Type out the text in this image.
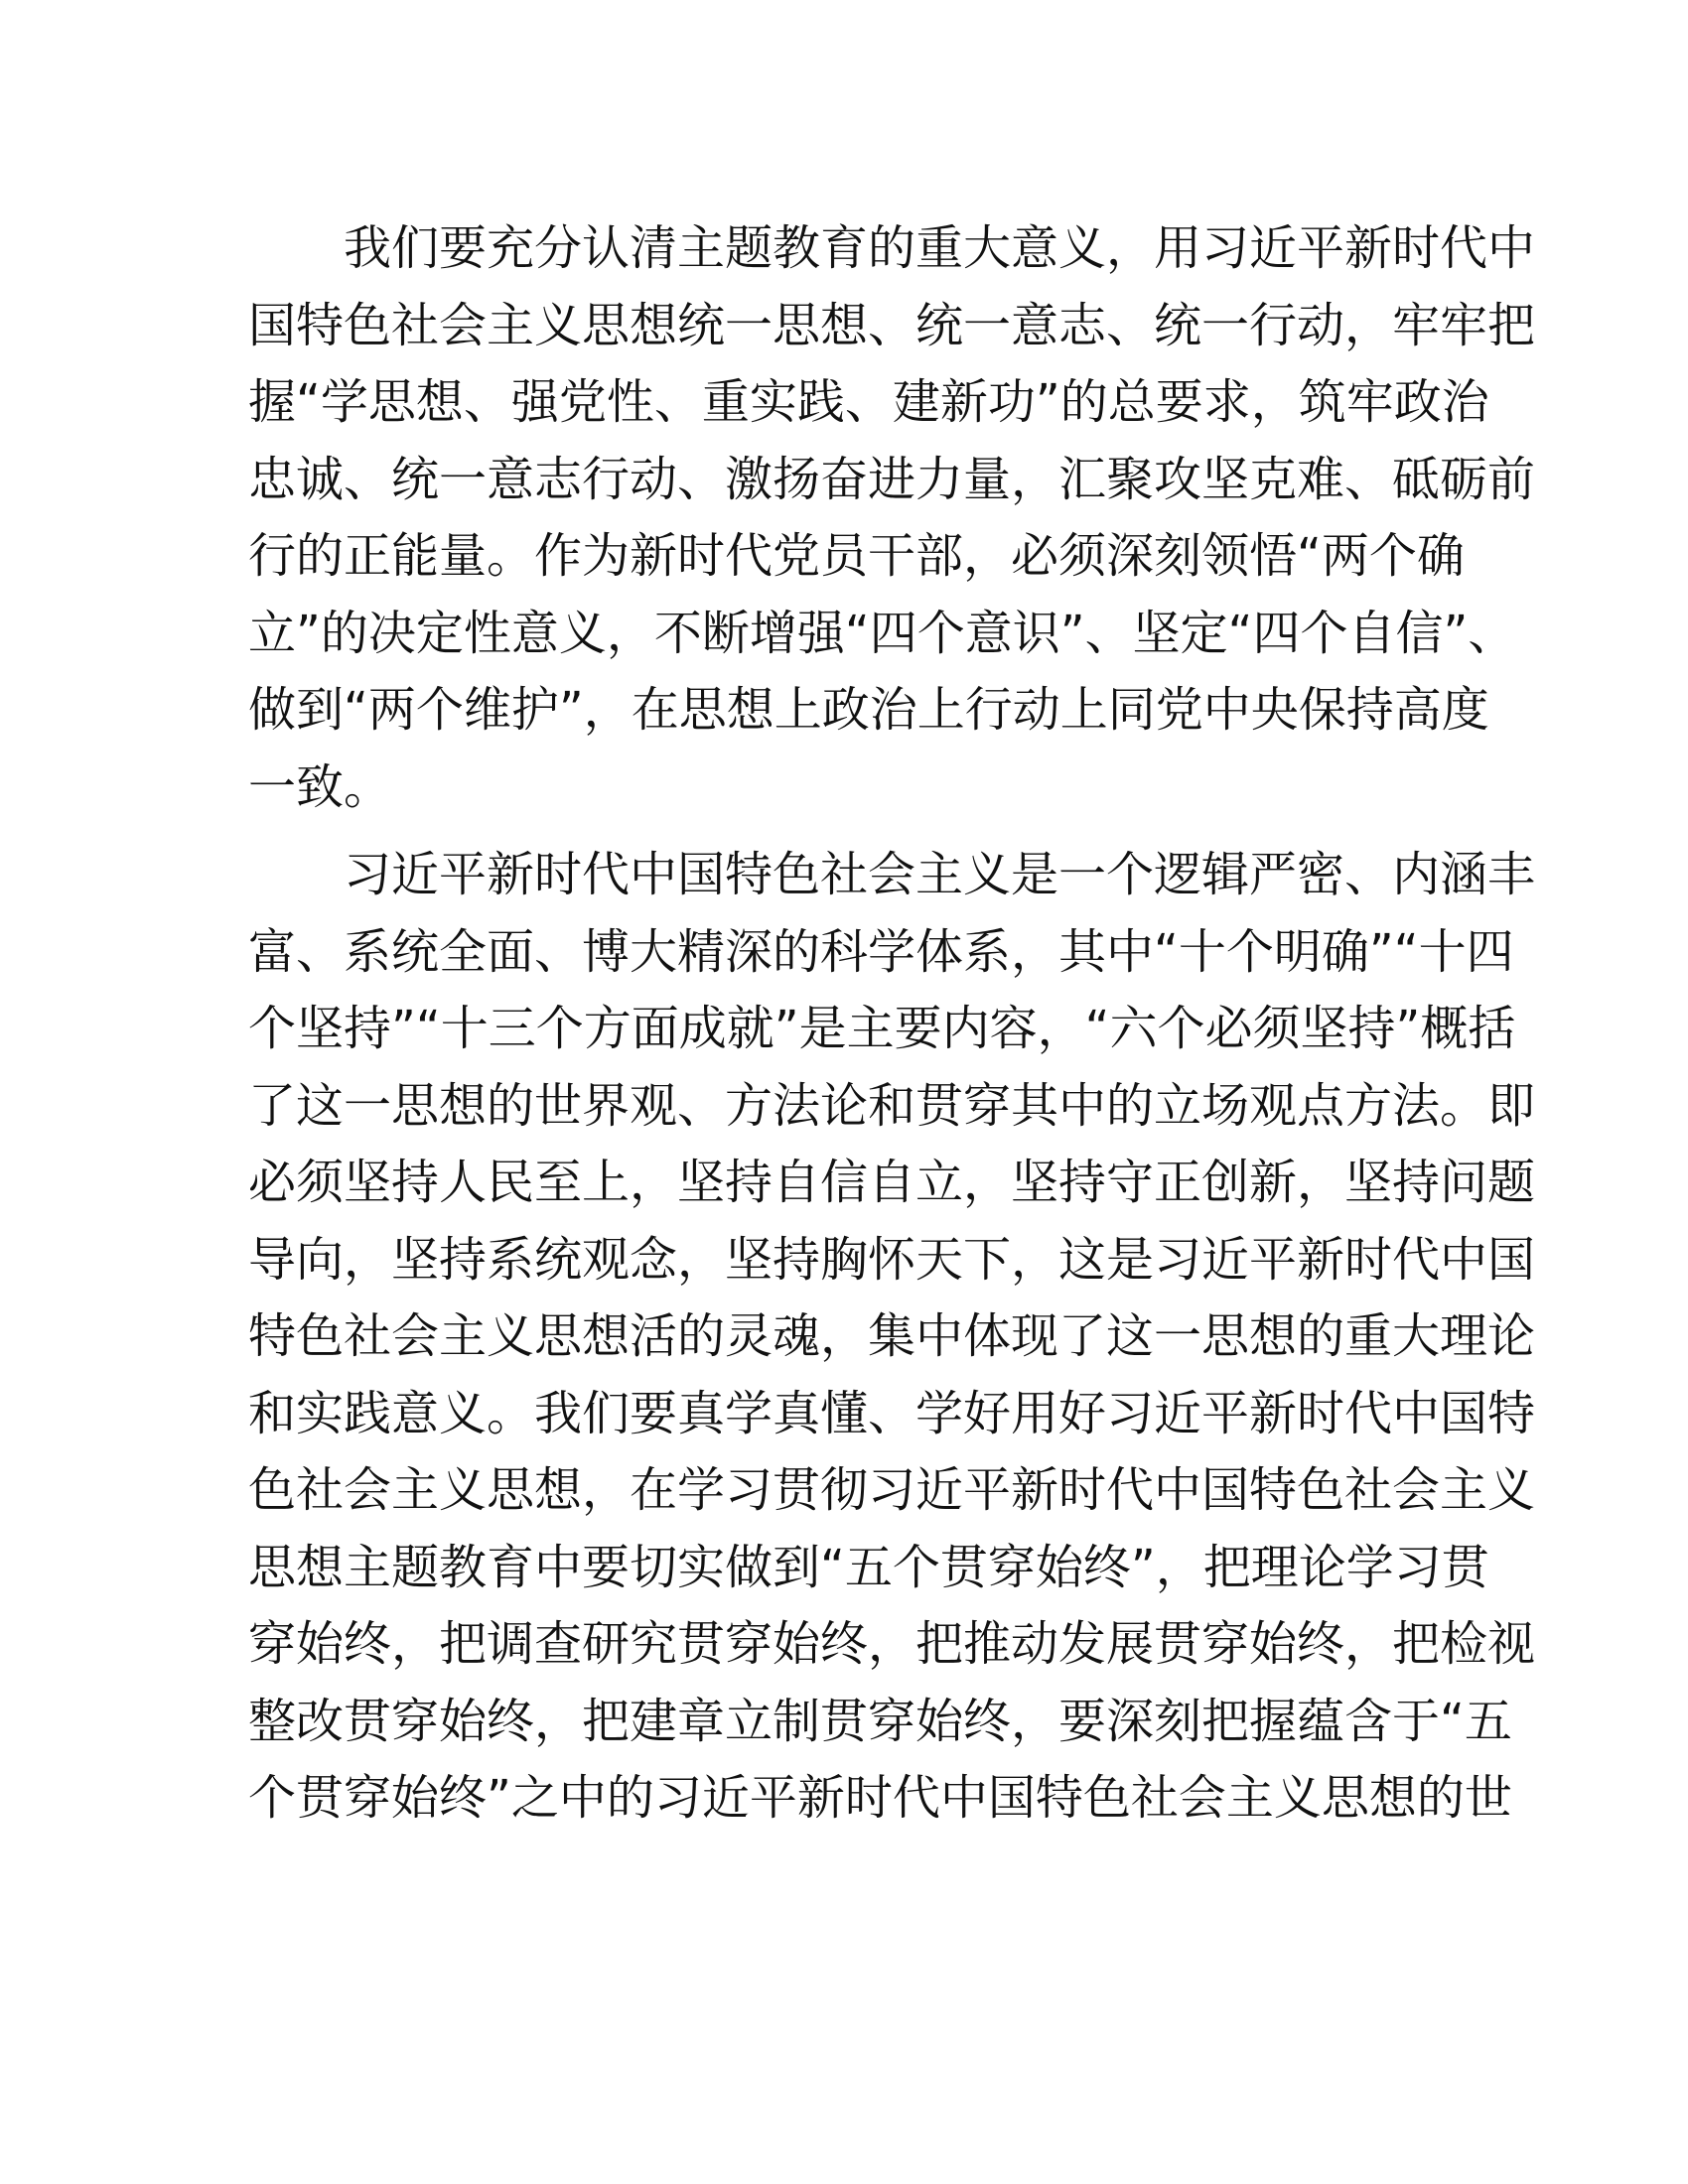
我们要充分认清主题教育的重大意义，用习近平新时代中
国特色社会主义思想统一思想、统一意志、统一行动，牢牢把
握“学思想、强党性、重实践、建新功”的总要求，筑牢政治
忠诚、统一意志行动、激扬奋进力量，汇聚攻坚克难、砥砺前
行的正能量。作为新时代党员干部，必须深刻领悟“两个确
立”的决定性意义，不断增强“四个意识”、坚定“四个自信”、
做到“两个维护”，在思想上政治上行动上同党中央保持高度
一致。

习近平新时代中国特色社会主义是一个逻辑严密、内涵丰
富、系统全面、博大精深的科学体系，其中“十个明确”“十四
个坚持”“十三个方面成就”是主要内容，“六个必须坚持”概括
了这一思想的世界观、方法论和贯穿其中的立场观点方法。即
必须坚持人民至上，坚持自信自立，坚持守正创新，坚持问题
导向，坚持系统观念，坚持胸怀天下，这是习近平新时代中国
特色社会主义思想活的灵魂，集中体现了这一思想的重大理论
和实践意义。我们要真学真懂、学好用好习近平新时代中国特
色社会主义思想，在学习贯彻习近平新时代中国特色社会主义
思想主题教育中要切实做到“五个贯穿始终”，把理论学习贯
穿始终，把调查研究贯穿始终，把推动发展贯穿始终，把检视
整改贯穿始终，把建章立制贯穿始终，要深刻把握蕴含于“五
个贯穿始终”之中的习近平新时代中国特色社会主义思想的世
